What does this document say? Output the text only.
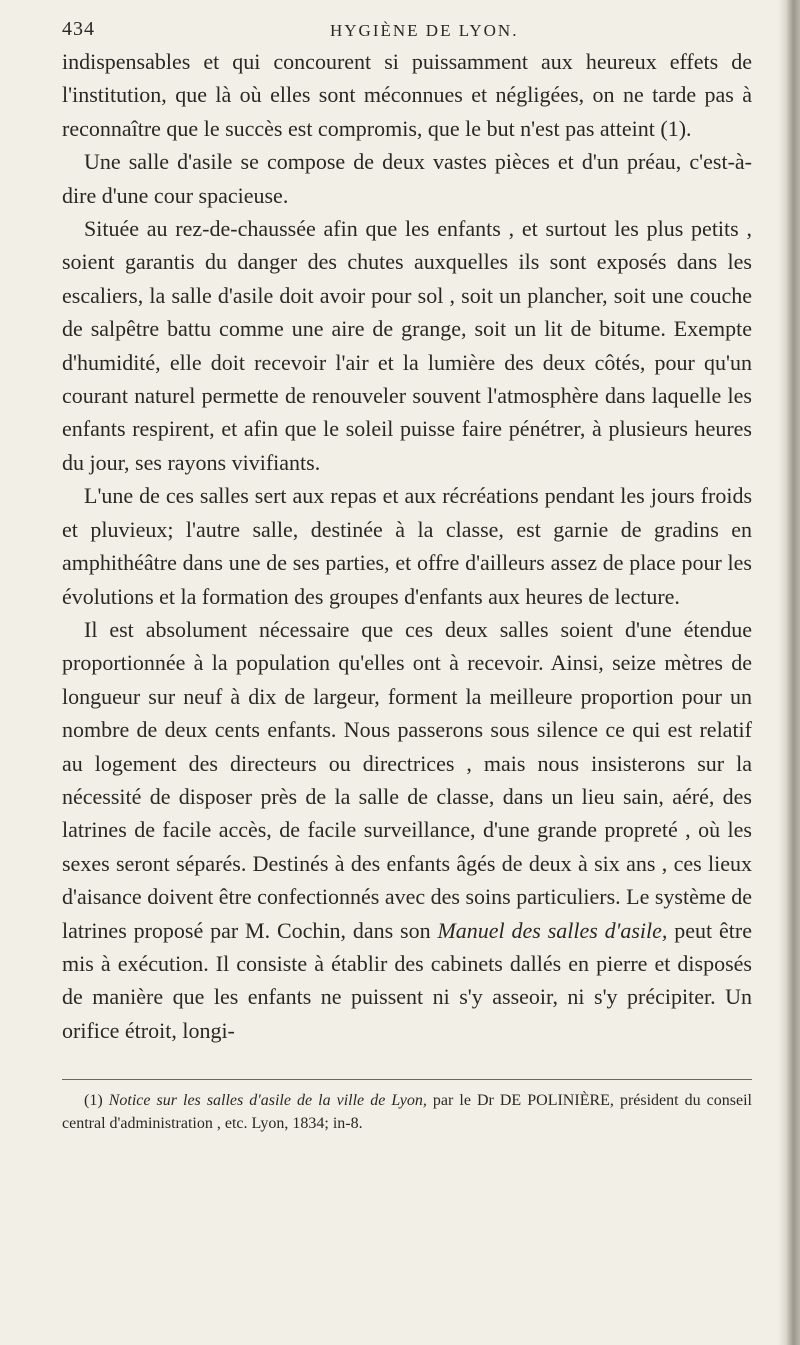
434	HYGIÈNE DE LYON.

indispensables et qui concourent si puissamment aux heureux effets de l'institution, que là où elles sont méconnues et négligées, on ne tarde pas à reconnaître que le succès est compromis, que le but n'est pas atteint (1).

Une salle d'asile se compose de deux vastes pièces et d'un préau, c'est-à-dire d'une cour spacieuse.

Située au rez-de-chaussée afin que les enfants , et surtout les plus petits , soient garantis du danger des chutes auxquelles ils sont exposés dans les escaliers, la salle d'asile doit avoir pour sol , soit un plancher, soit une couche de salpêtre battu comme une aire de grange, soit un lit de bitume. Exempte d'humidité, elle doit recevoir l'air et la lumière des deux côtés, pour qu'un courant naturel permette de renouveler souvent l'atmosphère dans laquelle les enfants respirent, et afin que le soleil puisse faire pénétrer, à plusieurs heures du jour, ses rayons vivifiants.

L'une de ces salles sert aux repas et aux récréations pendant les jours froids et pluvieux; l'autre salle, destinée à la classe, est garnie de gradins en amphithéâtre dans une de ses parties, et offre d'ailleurs assez de place pour les évolutions et la formation des groupes d'enfants aux heures de lecture.

Il est absolument nécessaire que ces deux salles soient d'une étendue proportionnée à la population qu'elles ont à recevoir. Ainsi, seize mètres de longueur sur neuf à dix de largeur, forment la meilleure proportion pour un nombre de deux cents enfants. Nous passerons sous silence ce qui est relatif au logement des directeurs ou directrices , mais nous insisterons sur la nécessité de disposer près de la salle de classe, dans un lieu sain, aéré, des latrines de facile accès, de facile surveillance, d'une grande propreté , où les sexes seront séparés. Destinés à des enfants âgés de deux à six ans , ces lieux d'aisance doivent être confectionnés avec des soins particuliers. Le système de latrines proposé par M. Cochin, dans son Manuel des salles d'asile, peut être mis à exécution. Il consiste à établir des cabinets dallés en pierre et disposés de manière que les enfants ne puissent ni s'y asseoir, ni s'y précipiter. Un orifice étroit, longi-

(1) Notice sur les salles d'asile de la ville de Lyon, par le Dr DE POLINIÈRE, président du conseil central d'administration , etc. Lyon, 1834; in-8.
